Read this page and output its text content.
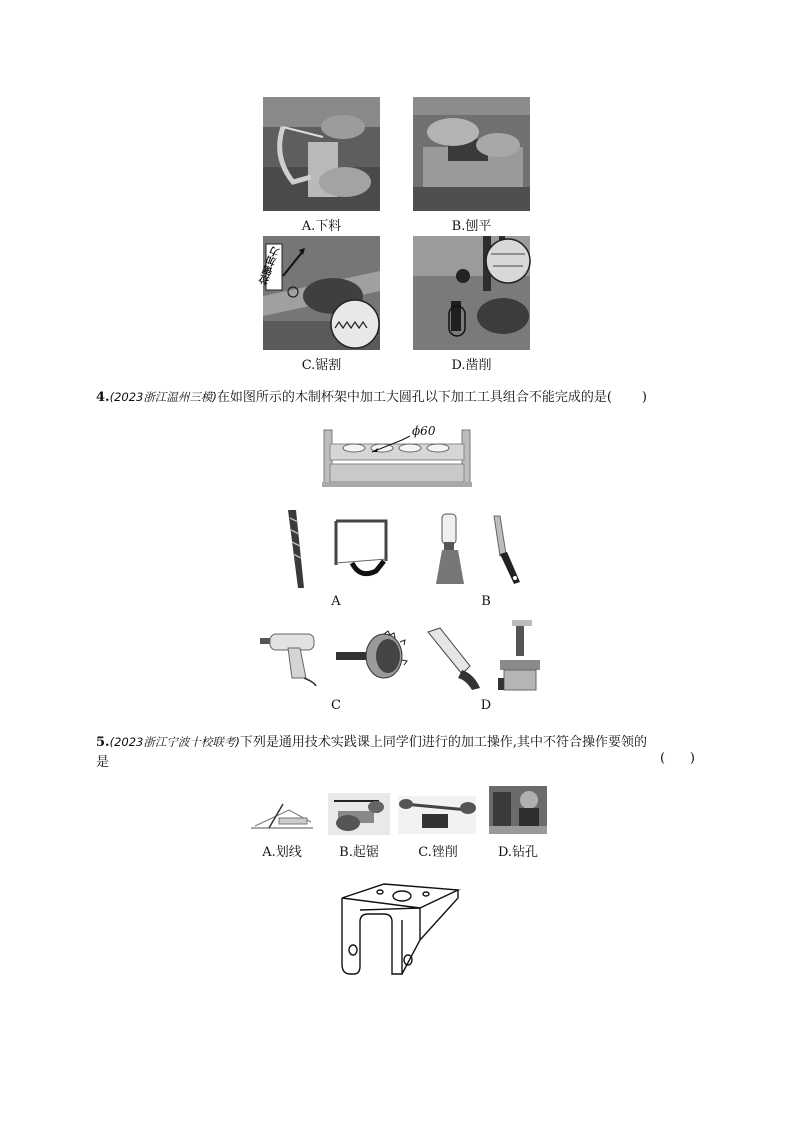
A.下料	B.刨平
拉锯加力
C.锯割	D.凿削
4.(2023浙江温州三模)在如图所示的木制杯架中加工大圆孔以下加工工具组合不能完成的是( )
ϕ60
A	B
C	D
5.(2023浙江宁波十校联考)下列是通用技术实践课上同学们进行的加工操作,其中不符合操作要领的
是	(      )
A.划线	B.起锯	C.锉削	D.钻孔
